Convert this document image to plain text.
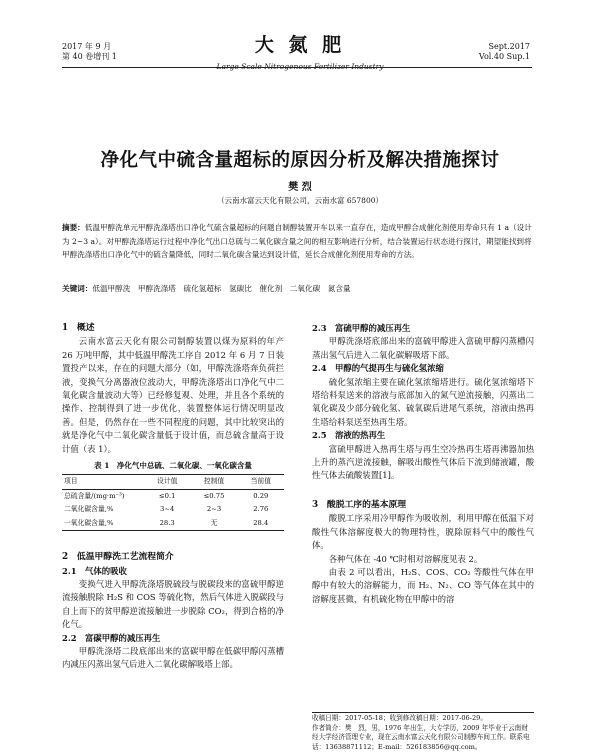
2017 年 9 月
第 40 卷增刊 1
大 氮 肥
Large Scale Nitrogenous Fertilizer Industry
Sept.2017
Vol.40 Sup.1
净化气中硫含量超标的原因分析及解决措施探讨
樊 烈
（云南水富云天化有限公司，云南水富 657800）
摘要：低温甲醇洗单元甲醇洗涤塔出口净化气硫含量超标的问题自制醇装置开车以来一直存在，造成甲醇合成催化剂使用寿命只有 1 a（设计为 2~3 a）。对甲醇洗涤塔运行过程中净化气出口总硫与二氧化碳含量之间的相互影响进行分析，结合装置运行状态进行探讨，期望能找到将甲醇洗涤塔出口净化气中的硫含量降低，同时二氧化碳含量达到设计值，延长合成催化剂使用寿命的方法。
关键词：低温甲醇洗　甲醇洗涤塔　硫化氢超标　氢碳比　催化剂　二氧化碳　氮含量
1　概述

云南水富云天化有限公司制醇装置以煤为原料的年产 26 万吨甲醇，其中低温甲醇洗工序自 2012 年 6 月 7 日装置投产以来，存在的问题大部分（如，甲醇洗涤塔奔负荷拦液，变换气分离器液位波动大，甲醇洗涤塔出口净化气中二氧化碳含量波动大等）已经修复观、处理，并且各个系统的操作、控制得到了进一步优化，装置整体运行情况明显改善。但是，仍然存在一些不同程度的问题，其中比较突出的就是净化气中二氧化碳含量低于设计值，而总硫含量高于设计值（表 1）。

表 1　净化气中总硫、二氧化碳、一氧化碳含量
项目	设计值	控制值	当前值
总硫含量/(mg·m⁻³)	≤0.1	≤0.75	0.29
二氧化碳含量,%	3~4	2~3	2.76
一氧化碳含量,%	28.3	无	28.4
2　低温甲醇洗工艺流程简介
2.1　气体的吸收

变换气进入甲醇洗涤塔脱硫段与脱碳段来的富硫甲醇逆流接触脱除 H₂S 和 COS 等硫化物，然后气体进入脱碳段与自上而下的贫甲醇逆流接触进一步脱除 CO₂，得到合格的净化气。

2.2　富碳甲醇的减压再生

甲醇洗涤塔二段底部出来的富碳甲醇在低碳甲醇闪蒸槽内减压闪蒸出氢气后进入二氧化碳解吸塔上部。

2.3　富硫甲醇的减压再生

甲醇洗涤塔底部出来的富硫甲醇进入富硫甲醇闪蒸槽闪蒸出氢气后进入二氧化碳解吸塔下部。

2.4　甲醇的气提再生与硫化氢浓缩

硫化氢浓缩主要在硫化氢浓缩塔进行。硫化氢浓缩塔下塔给料泵送来的溶液与底部加入的氮气逆流接触，闪蒸出二氧化碳及少部分硫化氢、硫氧碳后进尾气系统，溶液由热再生塔给料泵送至热再生塔。

2.5　溶液的热再生

富硫甲醇进入热再生塔与再生空冷热再生塔再沸器加热上升的蒸汽逆流接触，解吸出酸性气体后下流到储液罐，酸性气体去硫酸装置[1]。

3　酸脱工序的基本原理

酸脱工序采用冷甲醇作为吸收剂，利用甲醇在低温下对酸性气体溶解度极大的物理特性，脱除原料气中的酸性气体。

各种气体在 -40 ℃时相对溶解度见表 2。

由表 2 可以看出，H₂S、COS、CO₂ 等酸性气体在甲醇中有较大的溶解能力，而 H₂、N₂、CO 等气体在其中的溶解度甚微，有机硫化物在甲醇中的溶

收稿日期：2017-05-18；收到修改稿日期：2017-06-29。

作者简介：樊　烈，男，1976 年出生，大专学历，2009 年毕业于云南财经大学经济管理专业，现在云南水富云天化有限公司制醇车间工作。联系电话：13638871112；E-mail：526183856@qq.com。
